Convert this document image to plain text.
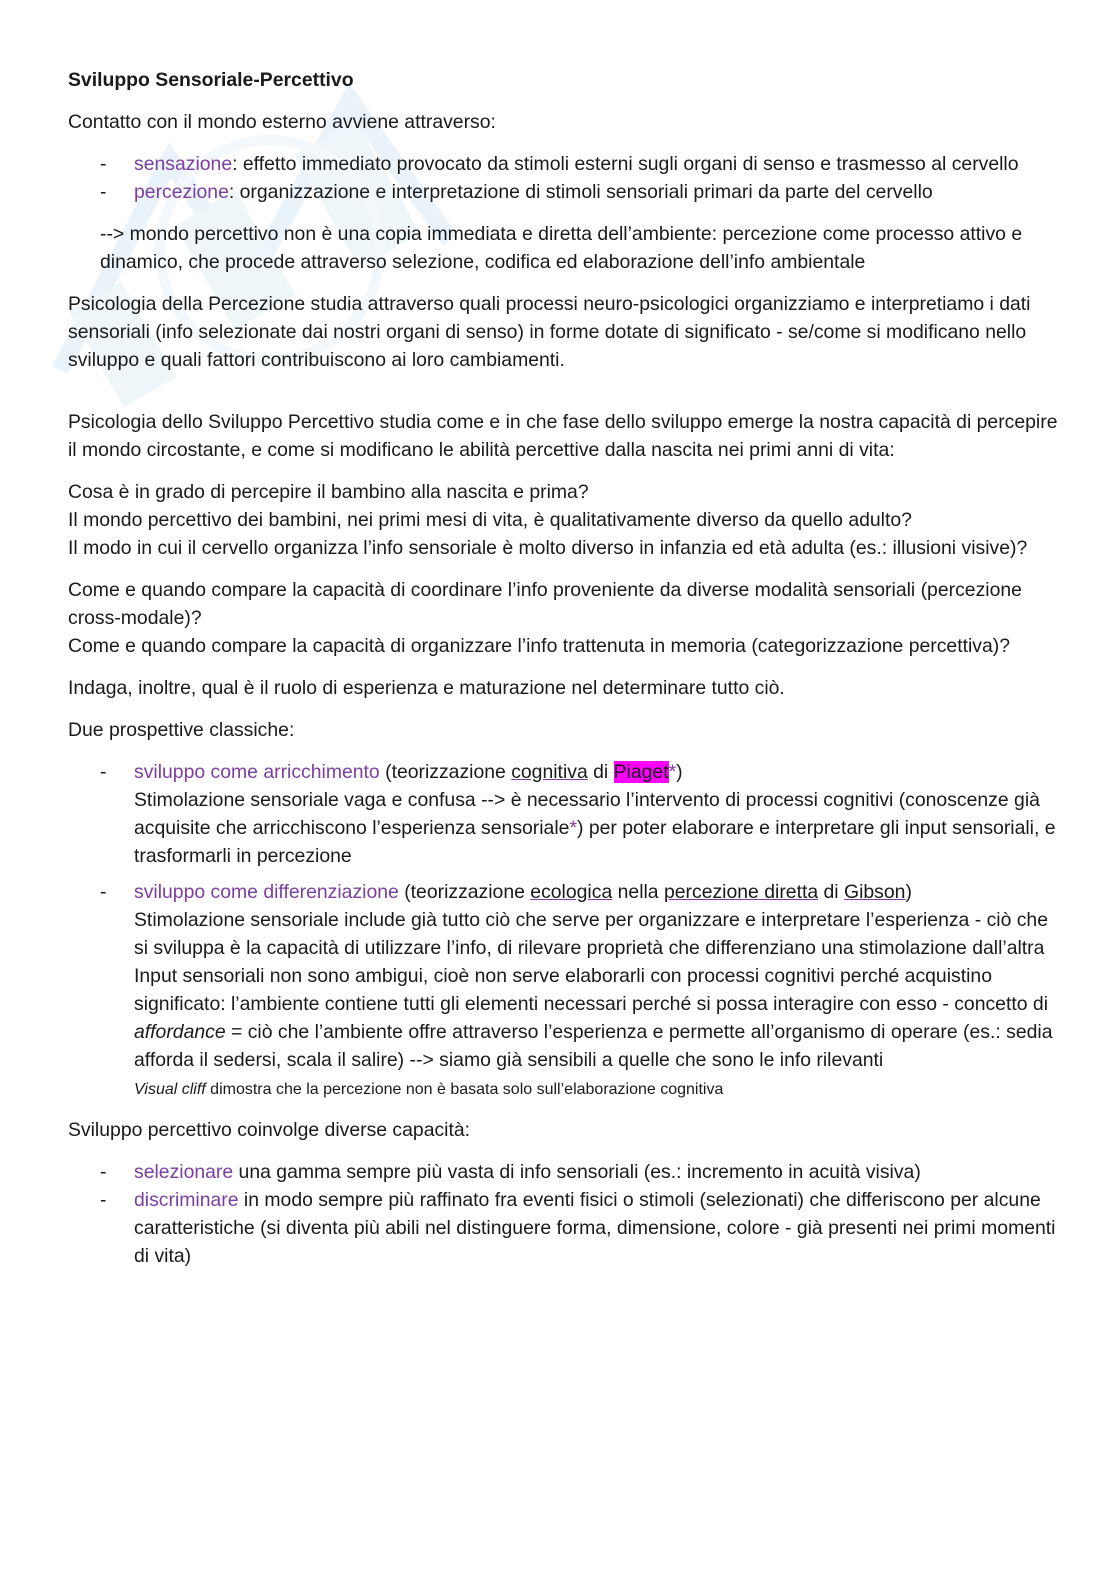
Sviluppo Sensoriale-Percettivo

Contatto con il mondo esterno avviene attraverso:

- sensazione: effetto immediato provocato da stimoli esterni sugli organi di senso e trasmesso al cervello
- percezione: organizzazione e interpretazione di stimoli sensoriali primari da parte del cervello

--> mondo percettivo non è una copia immediata e diretta dell’ambiente: percezione come processo attivo e dinamico, che procede attraverso selezione, codifica ed elaborazione dell’info ambientale

Psicologia della Percezione studia attraverso quali processi neuro-psicologici organizziamo e interpretiamo i dati sensoriali (info selezionate dai nostri organi di senso) in forme dotate di significato - se/come si modificano nello sviluppo e quali fattori contribuiscono ai loro cambiamenti.

Psicologia dello Sviluppo Percettivo studia come e in che fase dello sviluppo emerge la nostra capacità di percepire il mondo circostante, e come si modificano le abilità percettive dalla nascita nei primi anni di vita:

Cosa è in grado di percepire il bambino alla nascita e prima?

Il mondo percettivo dei bambini, nei primi mesi di vita, è qualitativamente diverso da quello adulto?

Il modo in cui il cervello organizza l’info sensoriale è molto diverso in infanzia ed età adulta (es.: illusioni visive)?

Come e quando compare la capacità di coordinare l’info proveniente da diverse modalità sensoriali (percezione cross-modale)?

Come e quando compare la capacità di organizzare l’info trattenuta in memoria (categorizzazione percettiva)?

Indaga, inoltre, qual è il ruolo di esperienza e maturazione nel determinare tutto ciò.

Due prospettive classiche:

- sviluppo come arricchimento (teorizzazione cognitiva di Piaget*)
Stimolazione sensoriale vaga e confusa --> è necessario l’intervento di processi cognitivi (conoscenze già acquisite che arricchiscono l’esperienza sensoriale*) per poter elaborare e interpretare gli input sensoriali, e trasformarli in percezione
- sviluppo come differenziazione (teorizzazione ecologica nella percezione diretta di Gibson)
Stimolazione sensoriale include già tutto ciò che serve per organizzare e interpretare l’esperienza - ciò che si sviluppa è la capacità di utilizzare l’info, di rilevare proprietà che differenziano una stimolazione dall’altra
Input sensoriali non sono ambigui, cioè non serve elaborarli con processi cognitivi perché acquistino significato: l’ambiente contiene tutti gli elementi necessari perché si possa interagire con esso - concetto di affordance = ciò che l’ambiente offre attraverso l’esperienza e permette all’organismo di operare (es.: sedia afforda il sedersi, scala il salire) --> siamo già sensibili a quelle che sono le info rilevanti
Visual cliff dimostra che la percezione non è basata solo sull’elaborazione cognitiva

Sviluppo percettivo coinvolge diverse capacità:

- selezionare una gamma sempre più vasta di info sensoriali (es.: incremento in acuità visiva)
- discriminare in modo sempre più raffinato fra eventi fisici o stimoli (selezionati) che differiscono per alcune caratteristiche (si diventa più abili nel distinguere forma, dimensione, colore - già presenti nei primi momenti di vita)
